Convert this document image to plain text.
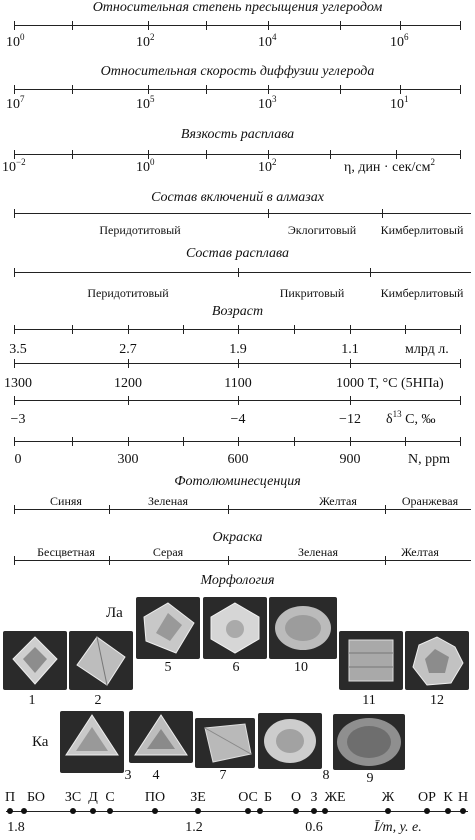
Относительная степень пресыщения углеродом
$10^0$	$10^2$	$10^4$	$10^6$
Относительная скорость диффузии углерода
$10^7$	$10^5$	$10^3$	$10^1$
Вязкость расплава
$10^{-2}$	$10^0$	$10^2$	η, дин · сек/$см^2$
Состав включений в алмазах
Перидотитовый	Эклогитовый Кимберлитовый
Состав расплава
Перидотитовый	Пикритовый	Кимберлитовый
Возраст
3.5	2.7	1.9	1.1	млрд л.
1300	1200	1100	1000 T, °C (5НПа)
−3	−4	−12 $\delta^{13}$ C, ‰
0	300	600	900	N, ppm
Фотолюминесценция
Синяя	Зеленая	Желтая	Оранжевая
Окраска
Бесцветная	Серая	Зеленая	Желтая
Морфология
Ла
Ка
1	2
5	6	10
11	12
3 4	7	8	9
П БО ЗС Д С ПО ЗЕ ОС Б О З ЖЕ	Ж ОР К Н
1.8	1.2	0.6	Ī/m, у. е.
